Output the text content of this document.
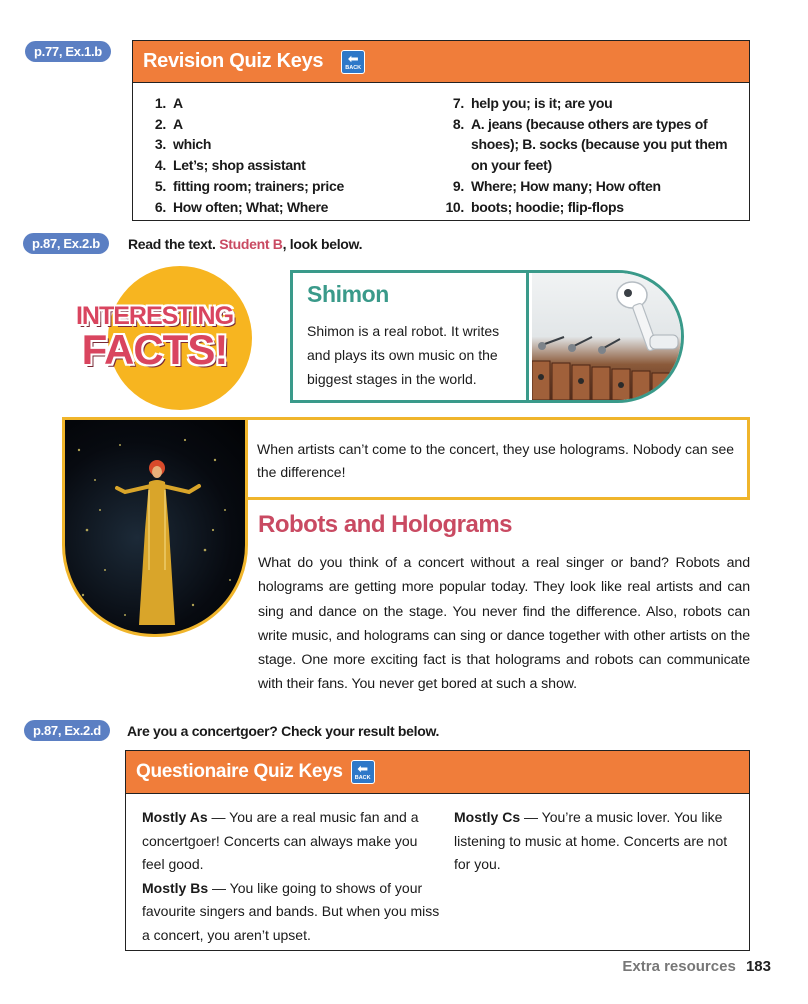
p.77, Ex.1.b	Revision Quiz Keys	⬅
BACK
1. A
2. A
3. which
4. Let’s; shop assistant
5. fitting room; trainers; price
6. How often; What; Where
7. help you; is it; are you
8. A. jeans (because others are types of shoes); B. socks (because you put them on your feet)
9. Where; How many; How often
10. boots; hoodie; flip-flops
p.87, Ex.2.b	Read the text. Student B, look below.
INTERESTING
FACTS!
Shimon
Shimon is a real robot. It writes and plays its own music on the biggest stages in the world.
When artists can’t come to the concert, they use holograms. Nobody can see the difference!
Robots and Holograms
What do you think of a concert without a real singer or band? Robots and holograms are getting more popular today. They look like real artists and can sing and dance on the stage. You never find the difference. Also, robots can write music, and holograms can sing or dance together with other artists on the stage. One more exciting fact is that holograms and robots can communicate with their fans. You never get bored at such a show.
p.87, Ex.2.d	Are you a concertgoer? Check your result below.
Questionaire Quiz Keys	⬅
BACK
Mostly As — You are a real music fan and a concertgoer! Concerts can always make you feel good.
Mostly Bs — You like going to shows of your favourite singers and bands. But when you miss a concert, you aren’t upset.
Mostly Cs — You’re a music lover. You like listening to music at home. Concerts are not for you.
Extra resources 183
